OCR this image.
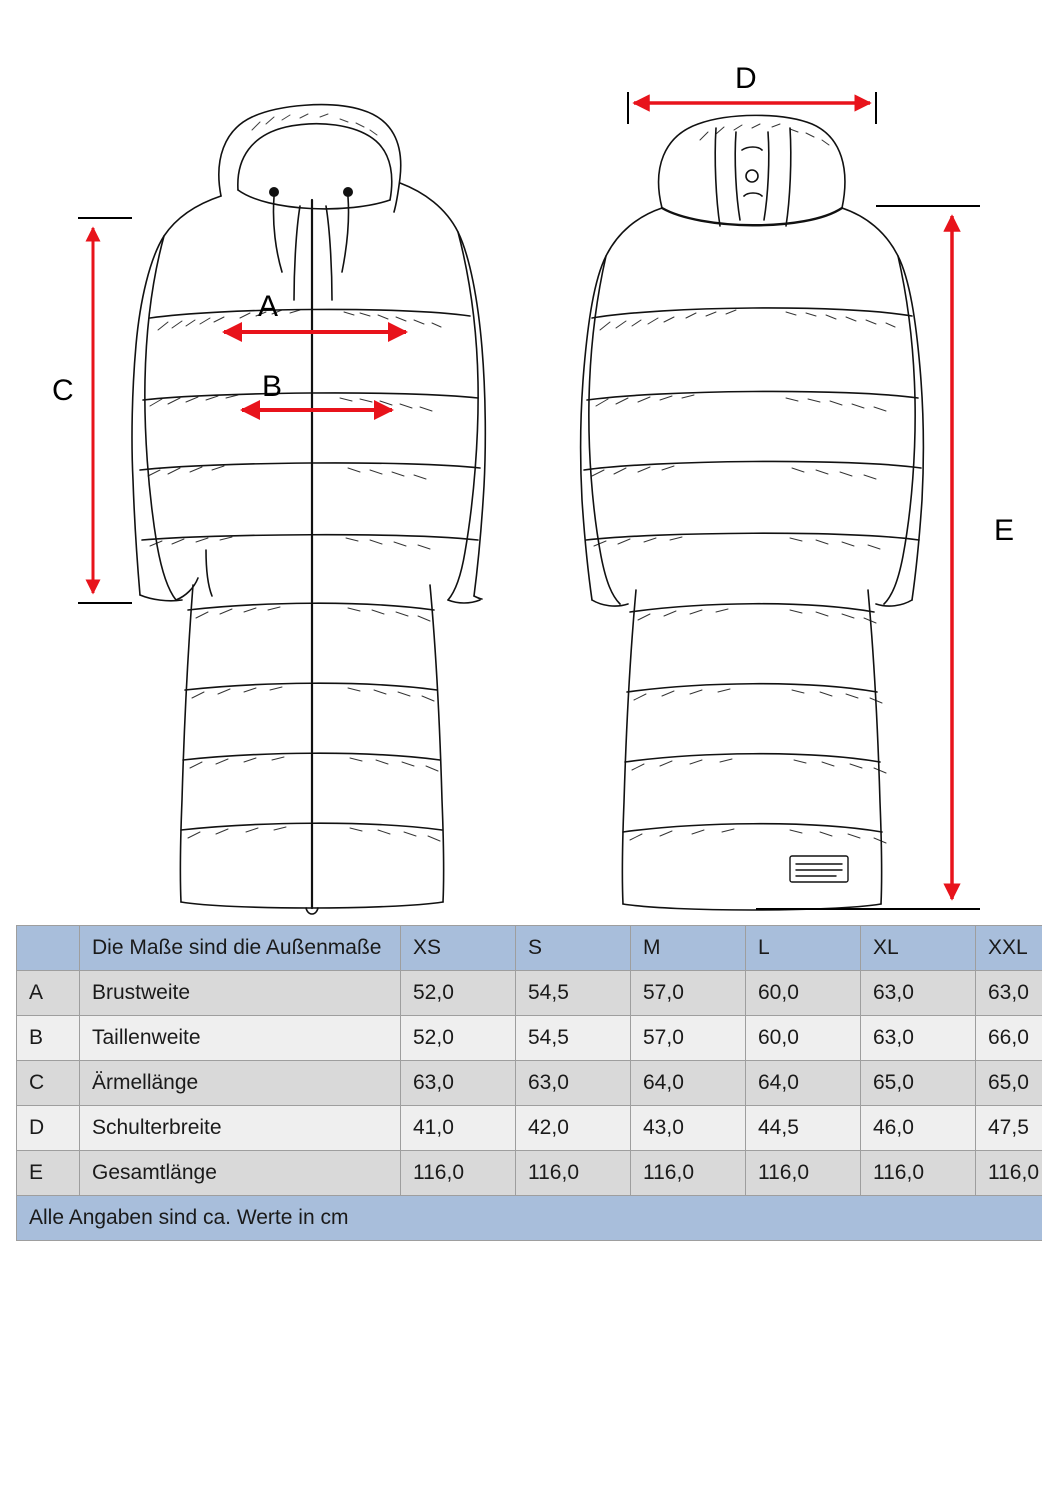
C
A
B
D
E
	Die Maße sind die Außenmaße	XS	S	M	L	XL	XXL
A	Brustweite	52,0	54,5	57,0	60,0	63,0	63,0
B	Taillenweite	52,0	54,5	57,0	60,0	63,0	66,0
C	Ärmellänge	63,0	63,0	64,0	64,0	65,0	65,0
D	Schulterbreite	41,0	42,0	43,0	44,5	46,0	47,5
E	Gesamtlänge	116,0	116,0	116,0	116,0	116,0	116,0
Alle Angaben sind ca. Werte in cm							
